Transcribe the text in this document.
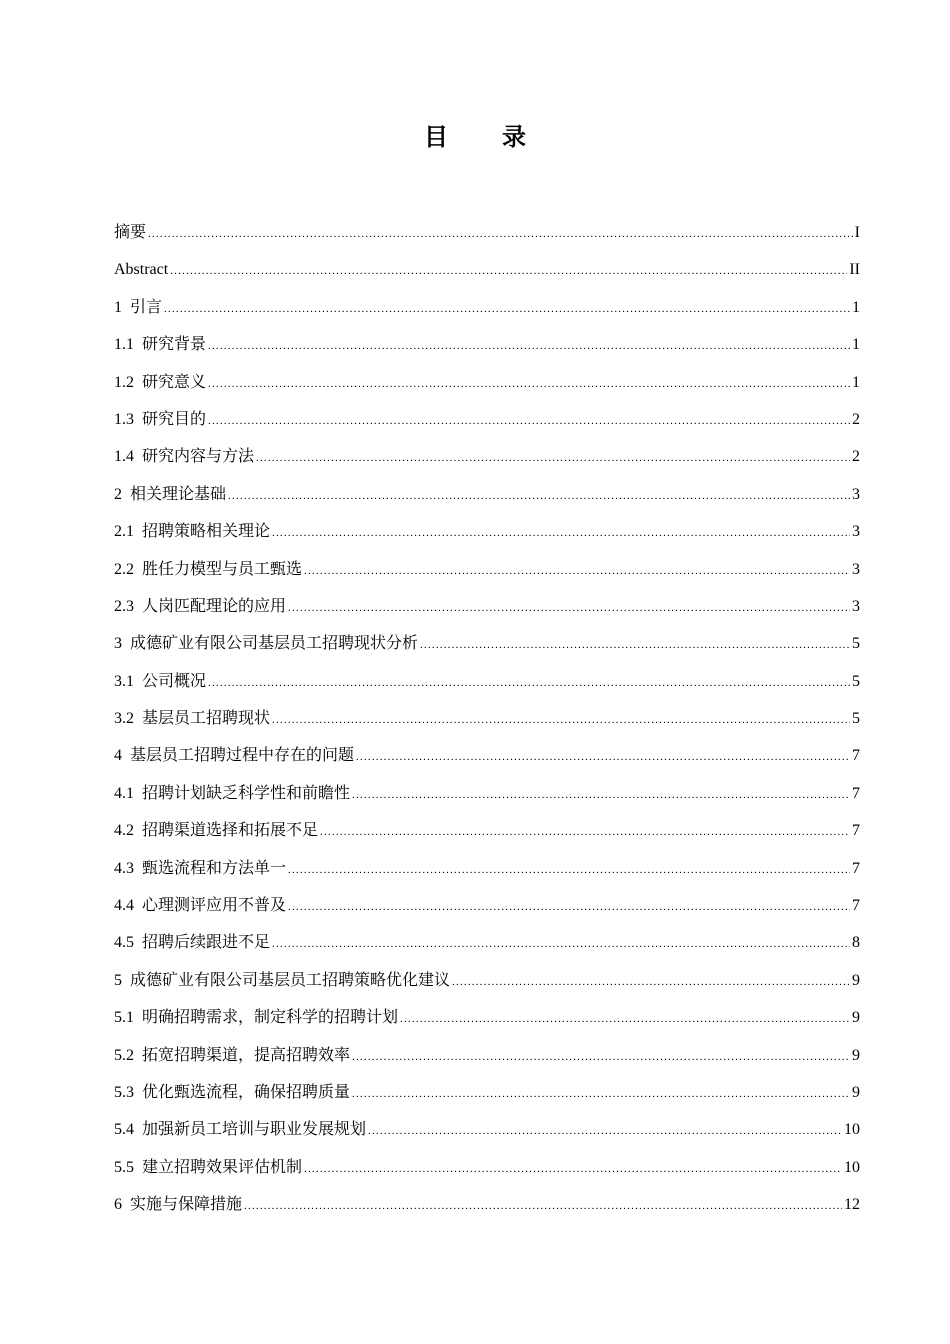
目 录
摘要 .....	I
Abstract .....	II
1 引言 .....	1
1.1 研究背景 .....	1
1.2 研究意义 .....	1
1.3 研究目的 .....	2
1.4 研究内容与方法 .....	2
2 相关理论基础 .....	3
2.1 招聘策略相关理论 .....	3
2.2 胜任力模型与员工甄选 .....	3
2.3 人岗匹配理论的应用 .....	3
3 成德矿业有限公司基层员工招聘现状分析 .....	5
3.1 公司概况 .....	5
3.2 基层员工招聘现状 .....	5
4 基层员工招聘过程中存在的问题 .....	7
4.1 招聘计划缺乏科学性和前瞻性 .....	7
4.2 招聘渠道选择和拓展不足 .....	7
4.3 甄选流程和方法单一 .....	7
4.4 心理测评应用不普及 .....	7
4.5 招聘后续跟进不足 .....	8
5 成德矿业有限公司基层员工招聘策略优化建议 .....	9
5.1 明确招聘需求，制定科学的招聘计划 .....	9
5.2 拓宽招聘渠道，提高招聘效率 .....	9
5.3 优化甄选流程，确保招聘质量 .....	9
5.4 加强新员工培训与职业发展规划 .....	10
5.5 建立招聘效果评估机制 .....	10
6 实施与保障措施 .....	12
